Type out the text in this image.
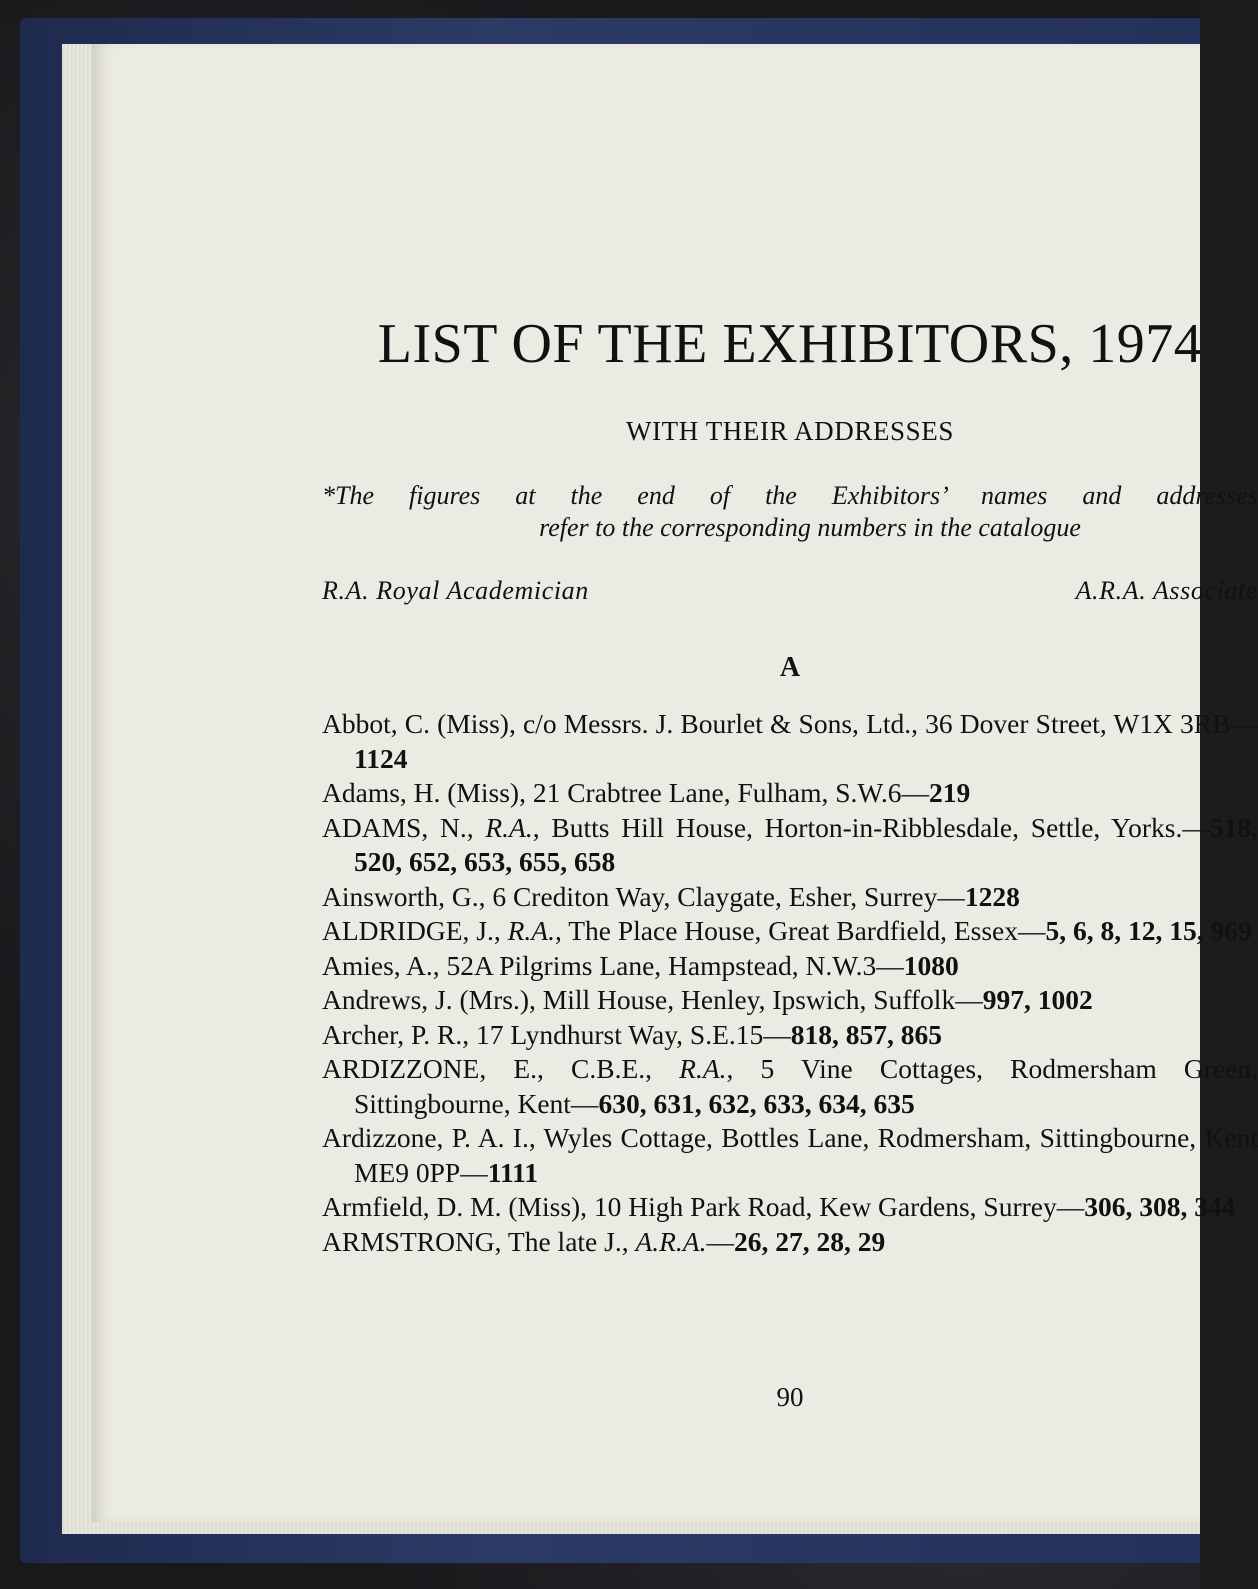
LIST OF THE EXHIBITORS, 1974
WITH THEIR ADDRESSES
*The figures at the end of the Exhibitors’ names and addresses
refer to the corresponding numbers in the catalogue
R.A. Royal Academician	A.R.A. Associate
A
Abbot, C. (Miss), c/o Messrs. J. Bourlet & Sons, Ltd., 36 Dover Street, W1X 3RB—1124
Adams, H. (Miss), 21 Crabtree Lane, Fulham, S.W.6—219
ADAMS, N., R.A., Butts Hill House, Horton-in-Ribblesdale, Settle, Yorks.—518, 520, 652, 653, 655, 658
Ainsworth, G., 6 Crediton Way, Claygate, Esher, Surrey—1228
ALDRIDGE, J., R.A., The Place House, Great Bardfield, Essex—5, 6, 8, 12, 15, 969
Amies, A., 52A Pilgrims Lane, Hampstead, N.W.3—1080
Andrews, J. (Mrs.), Mill House, Henley, Ipswich, Suffolk—997, 1002
Archer, P. R., 17 Lyndhurst Way, S.E.15—818, 857, 865
ARDIZZONE, E., C.B.E., R.A., 5 Vine Cottages, Rodmersham Green, Sittingbourne, Kent—630, 631, 632, 633, 634, 635
Ardizzone, P. A. I., Wyles Cottage, Bottles Lane, Rodmersham, Sittingbourne, Kent ME9 0PP—1111
Armfield, D. M. (Miss), 10 High Park Road, Kew Gardens, Surrey—306, 308, 344
ARMSTRONG, The late J., A.R.A.—26, 27, 28, 29
90
